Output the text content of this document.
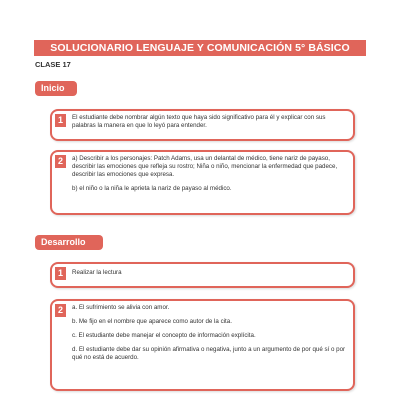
SOLUCIONARIO LENGUAJE Y COMUNICACIÓN 5° BÁSICO
CLASE 17
Inicio
1	El estudiante debe nombrar algún texto que haya sido significativo para él y explicar con sus palabras la manera en que lo leyó para entender.

2	a) Describir a los personajes: Patch Adams, usa un delantal de médico, tiene nariz de payaso, describir las emociones que refleja su rostro; Niña o niño, mencionar la enfermedad que padece, describir las emociones que expresa.

b) el niño o la niña le aprieta la nariz de payaso al médico.

Desarrollo
1	Realizar la lectura

2	a. El sufrimiento se alivia con amor.

b. Me fijo en el nombre que aparece como autor de la cita.

c. El estudiante debe manejar el concepto de información explícita.

d. El estudiante debe dar su opinión afirmativa o negativa, junto a un argumento de por qué sí o por qué no está de acuerdo.
